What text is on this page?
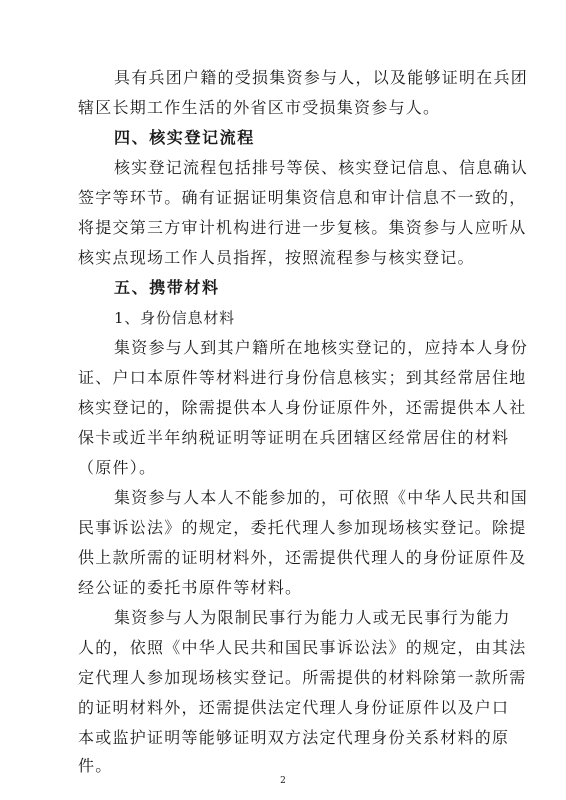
具有兵团户籍的受损集资参与人，以及能够证明在兵团
辖区长期工作生活的外省区市受损集资参与人。
四、核实登记流程
核实登记流程包括排号等侯、核实登记信息、信息确认
签字等环节。确有证据证明集资信息和审计信息不一致的，
将提交第三方审计机构进行进一步复核。集资参与人应听从
核实点现场工作人员指挥，按照流程参与核实登记。
五、携带材料
1、身份信息材料
集资参与人到其户籍所在地核实登记的，应持本人身份
证、户口本原件等材料进行身份信息核实；到其经常居住地
核实登记的，除需提供本人身份证原件外，还需提供本人社
保卡或近半年纳税证明等证明在兵团辖区经常居住的材料
（原件）。
集资参与人本人不能参加的，可依照《中华人民共和国
民事诉讼法》的规定，委托代理人参加现场核实登记。除提
供上款所需的证明材料外，还需提供代理人的身份证原件及
经公证的委托书原件等材料。
集资参与人为限制民事行为能力人或无民事行为能力
人的，依照《中华人民共和国民事诉讼法》的规定，由其法
定代理人参加现场核实登记。所需提供的材料除第一款所需
的证明材料外，还需提供法定代理人身份证原件以及户口
本或监护证明等能够证明双方法定代理身份关系材料的原
件。
2
